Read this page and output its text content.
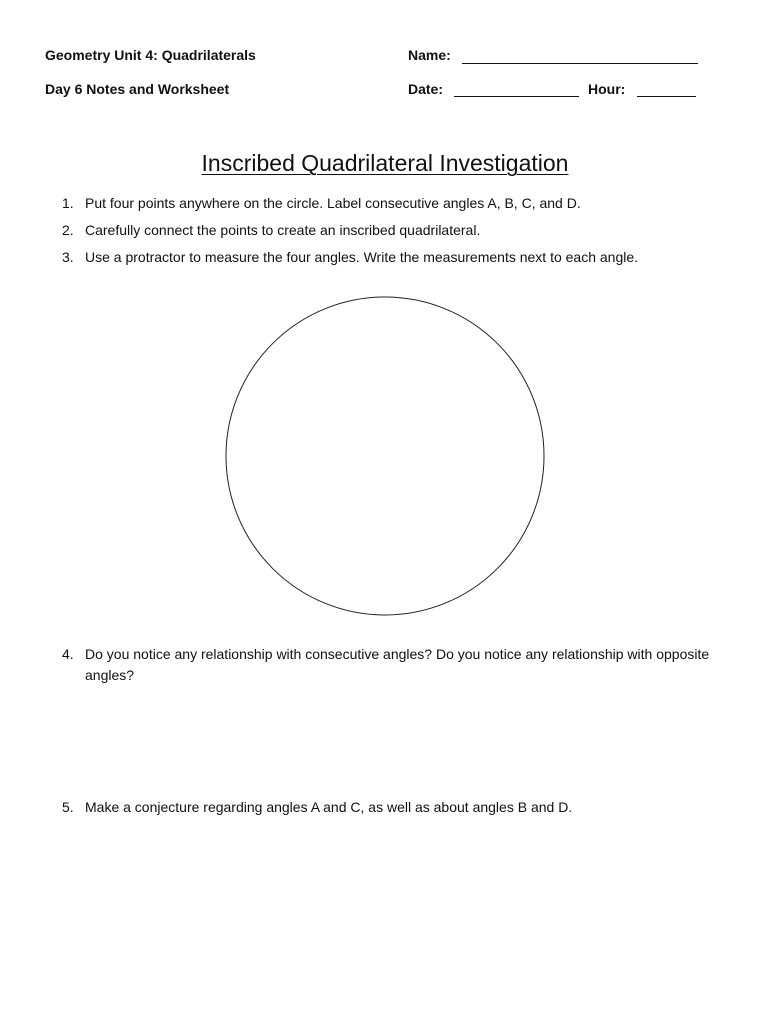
Geometry Unit 4: Quadrilaterals
Day 6 Notes and Worksheet
Name:
Date:	Hour:
Inscribed Quadrilateral Investigation
1. Put four points anywhere on the circle. Label consecutive angles A, B, C, and D.
2. Carefully connect the points to create an inscribed quadrilateral.
3. Use a protractor to measure the four angles. Write the measurements next to each angle.
4. Do you notice any relationship with consecutive angles? Do you notice any relationship with opposite angles?
5. Make a conjecture regarding angles A and C, as well as about angles B and D.
